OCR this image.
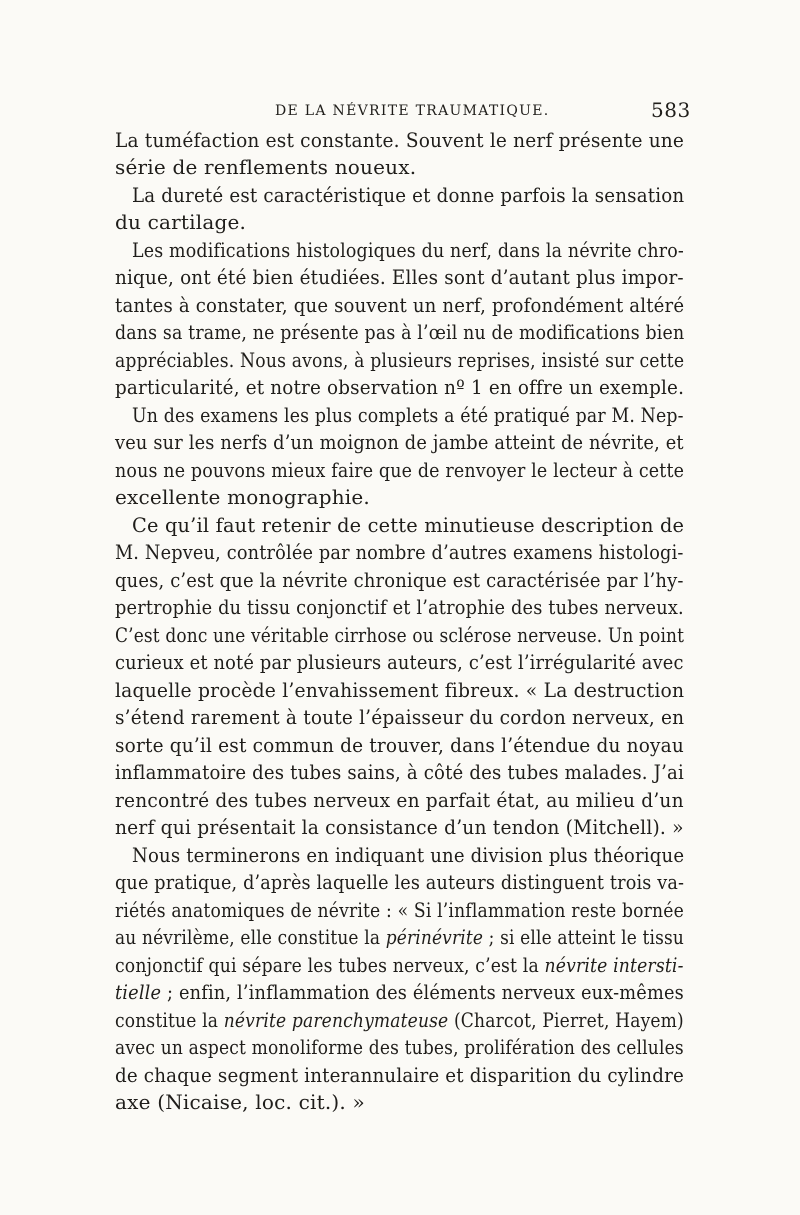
DE LA NÉVRITE TRAUMATIQUE.	583
La tuméfaction est constante. Souvent le nerf présente une
série de renflements noueux.
La dureté est caractéristique et donne parfois la sensation
du cartilage.
Les modifications histologiques du nerf, dans la névrite chro-
nique, ont été bien étudiées. Elles sont d’autant plus impor-
tantes à constater, que souvent un nerf, profondément altéré
dans sa trame, ne présente pas à l’œil nu de modifications bien
appréciables. Nous avons, à plusieurs reprises, insisté sur cette
particularité, et notre observation nº 1 en offre un exemple.
Un des examens les plus complets a été pratiqué par M. Nep-
veu sur les nerfs d’un moignon de jambe atteint de névrite, et
nous ne pouvons mieux faire que de renvoyer le lecteur à cette
excellente monographie.
Ce qu’il faut retenir de cette minutieuse description de
M. Nepveu, contrôlée par nombre d’autres examens histologi-
ques, c’est que la névrite chronique est caractérisée par l’hy-
pertrophie du tissu conjonctif et l’atrophie des tubes nerveux.
C’est donc une véritable cirrhose ou sclérose nerveuse. Un point
curieux et noté par plusieurs auteurs, c’est l’irrégularité avec
laquelle procède l’envahissement fibreux. « La destruction
s’étend rarement à toute l’épaisseur du cordon nerveux, en
sorte qu’il est commun de trouver, dans l’étendue du noyau
inflammatoire des tubes sains, à côté des tubes malades. J’ai
rencontré des tubes nerveux en parfait état, au milieu d’un
nerf qui présentait la consistance d’un tendon (Mitchell). »
Nous terminerons en indiquant une division plus théorique
que pratique, d’après laquelle les auteurs distinguent trois va-
riétés anatomiques de névrite : « Si l’inflammation reste bornée
au névrilème, elle constitue la périnévrite ; si elle atteint le tissu
conjonctif qui sépare les tubes nerveux, c’est la névrite intersti-
tielle ; enfin, l’inflammation des éléments nerveux eux-mêmes
constitue la névrite parenchymateuse (Charcot, Pierret, Hayem)
avec un aspect monoliforme des tubes, prolifération des cellules
de chaque segment interannulaire et disparition du cylindre
axe (Nicaise, loc. cit.). »
